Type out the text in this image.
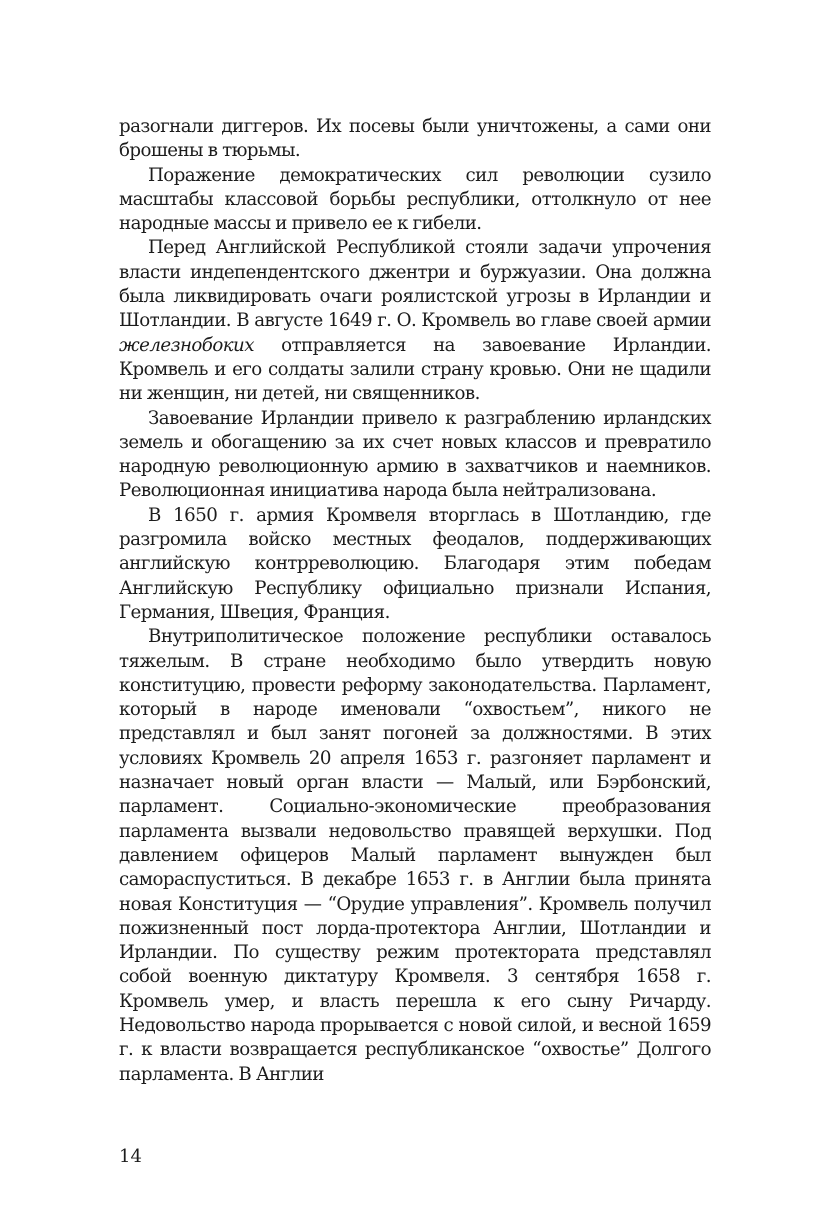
разогнали диггеров. Их посевы были уничтожены, а сами они брошены в тюрьмы.

Поражение демократических сил революции сузило масштабы классовой борьбы республики, оттолкнуло от нее народные массы и привело ее к гибели.

Перед Английской Республикой стояли задачи упрочения власти индепендентского джентри и буржуазии. Она должна была ликвидировать очаги роялистской угрозы в Ирландии и Шотландии. В августе 1649 г. О. Кромвель во главе своей армии железнобоких отправляется на завоевание Ирландии. Кромвель и его солдаты залили страну кровью. Они не щадили ни женщин, ни детей, ни священников.

Завоевание Ирландии привело к разграблению ирландских земель и обогащению за их счет новых классов и превратило народную революционную армию в захватчиков и наемников. Революционная инициатива народа была нейтрализована.

В 1650 г. армия Кромвеля вторглась в Шотландию, где разгромила войско местных феодалов, поддерживающих английскую контрреволюцию. Благодаря этим победам Английскую Республику официально признали Испания, Германия, Швеция, Франция.

Внутриполитическое положение республики оставалось тяжелым. В стране необходимо было утвердить новую конституцию, провести реформу законодательства. Парламент, который в народе именовали “охвостьем”, никого не представлял и был занят погоней за должностями. В этих условиях Кромвель 20 апреля 1653 г. разгоняет парламент и назначает новый орган власти — Малый, или Бэрбонский, парламент. Социально-экономические преобразования парламента вызвали недовольство правящей верхушки. Под давлением офицеров Малый парламент вынужден был самораспуститься. В декабре 1653 г. в Англии была принята новая Конституция — “Орудие управления”. Кромвель получил пожизненный пост лорда-протектора Англии, Шотландии и Ирландии. По существу режим протектората представлял собой военную диктатуру Кромвеля. 3 сентября 1658 г. Кромвель умер, и власть перешла к его сыну Ричарду. Недовольство народа прорывается с новой силой, и весной 1659 г. к власти возвращается республиканское “охвостье” Долгого парламента. В Англии

14
